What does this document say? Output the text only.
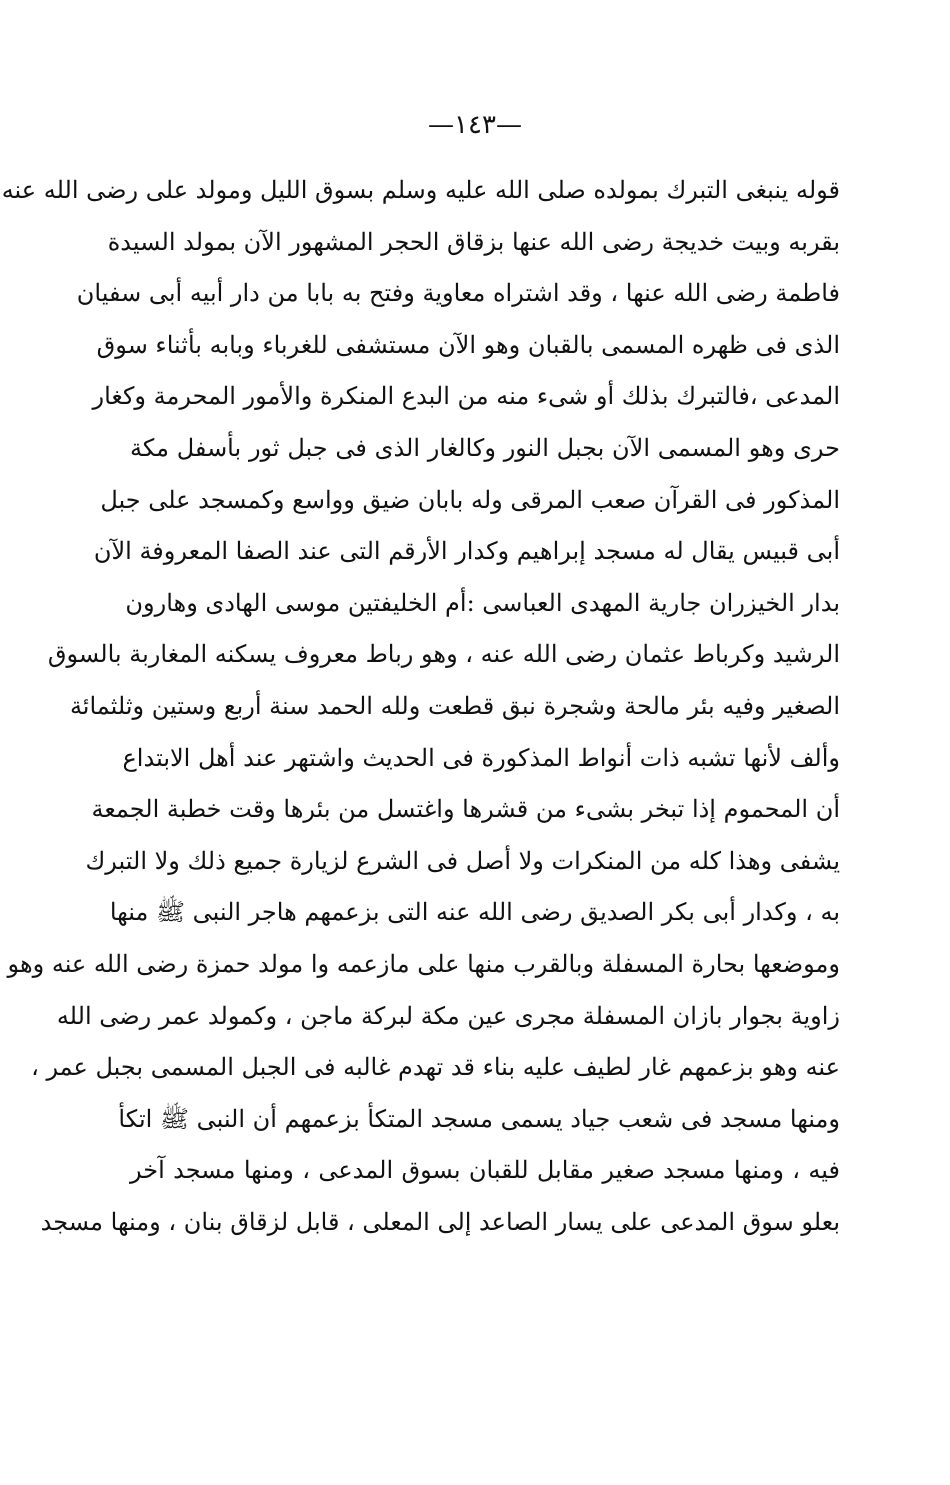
—١٤٣—
قوله ينبغى التبرك بمولده صلى الله عليه وسلم بسوق الليل ومولد على رضى الله عنه
بقربه وبيت خديجة رضى الله عنها بزقاق الحجر المشهور الآن بمولد السيدة
فاطمة رضى الله عنها ، وقد اشتراه معاوية وفتح به بابا من دار أبيه أبى سفيان
الذى فى ظهره المسمى بالقبان وهو الآن مستشفى للغرباء وبابه بأثناء سوق
المدعى ،فالتبرك بذلك أو شىء منه من البدع المنكرة والأمور المحرمة وكغار
حرى وهو المسمى الآن بجبل النور وكالغار الذى فى جبل ثور بأسفل مكة
المذكور فى القرآن صعب المرقى وله بابان ضيق وواسع وكمسجد على جبل
أبى قبيس يقال له مسجد إبراهيم وكدار الأرقم التى عند الصفا المعروفة الآن
بدار الخيزران جارية المهدى العباسى :أم الخليفتين موسى الهادى وهارون
الرشيد وكرباط عثمان رضى الله عنه ، وهو رباط معروف يسكنه المغاربة بالسوق
الصغير وفيه بئر مالحة وشجرة نبق قطعت ولله الحمد سنة أربع وستين وثلثمائة
وألف لأنها تشبه ذات أنواط المذكورة فى الحديث واشتهر عند أهل الابتداع
أن المحموم إذا تبخر بشىء من قشرها واغتسل من بئرها وقت خطبة الجمعة
يشفى وهذا كله من المنكرات ولا أصل فى الشرع لزيارة جميع ذلك ولا التبرك
به ، وكدار أبى بكر الصديق رضى الله عنه التى بزعمهم هاجر النبى ﷺ منها
وموضعها بحارة المسفلة وبالقرب منها على مازعمه وا مولد حمزة رضى الله عنه وهو
زاوية بجوار بازان المسفلة مجرى عين مكة لبركة ماجن ، وكمولد عمر رضى الله
عنه وهو بزعمهم غار لطيف عليه بناء قد تهدم غالبه فى الجبل المسمى بجبل عمر ،
ومنها مسجد فى شعب جياد يسمى مسجد المتكأ بزعمهم أن النبى ﷺ اتكأ
فيه ، ومنها مسجد صغير مقابل للقبان بسوق المدعى ، ومنها مسجد آخر
بعلو سوق المدعى على يسار الصاعد إلى المعلى ، قابل لزقاق بنان ، ومنها مسجد
